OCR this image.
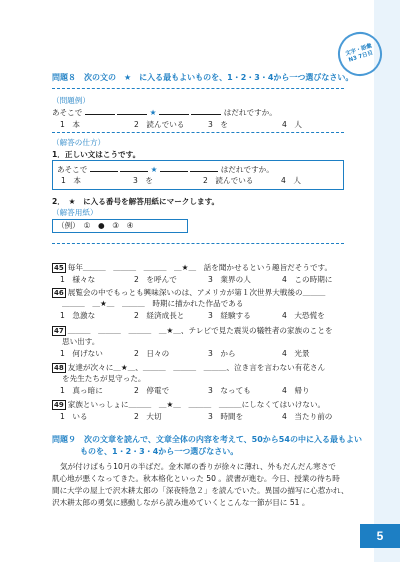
文字・語彙 N3 7日目
問題８　次の文の　★　に入る最もよいものを、1・2・3・4から一つ選びなさい。
（問題例）
あそこで	★	はだれですか。
1　本	2　読んでいる	3　を	4　人
（解答の仕方）
1．正しい文はこうです。
あそこで	★	はだれですか。
1　本	3　を	2　読んでいる	4　人
2．　★　に入る番号を解答用紙にマークします。
（解答用紙）
（例）　①　●　③　④
45 毎年＿＿＿　＿＿＿　＿＿＿　＿★＿　話を聞かせるという趣旨だそうです。
1　様々な	2　を呼んで	3　業界の人	4　この時期に
46 展覧会の中でもっとも興味深いのは、アメリカが第１次世界大戦後の＿＿＿
＿＿＿　＿★＿　＿＿＿　時期に描かれた作品である
1　急激な	2　経済成長と	3　経験する	4　大恐慌を
47 ＿＿＿　＿＿＿　＿＿＿　＿★＿、テレビで見た震災の犠牲者の家族のことを
思い出す。
1　何げない	2　日々の	3　から	4　光景
48 友達が次々に＿★＿、＿＿＿　＿＿＿　＿＿＿、泣き言を言わない有花さん
を先生たちが見守った。
1　真っ暗に	2　停電で	3　なっても	4　帰り
49 家族といっしょに＿＿＿　＿★＿　＿＿＿　＿＿＿にしなくてはいけない。
1　いる	2　大切	3　時間を	4　当たり前の
問題９　次の文章を読んで、文章全体の内容を考えて、50から54の中に入る最もよい
ものを、1・2・3・4から一つ選びなさい。
気が付けばもう10月の半ばだ。金木犀の香りが徐々に薄れ、外もだんだん寒さで
肌心地が悪くなってきた。秋本格化といった 50 。読書が進む。今日、授業の待ち時
間に大学の屋上で沢木耕太郎の「深夜特急２」を読んでいた。異国の描写に心惹かれ、
沢木耕太郎の勇気に感動しながら読み進めていくとこんな一節が目に 51 。
5
